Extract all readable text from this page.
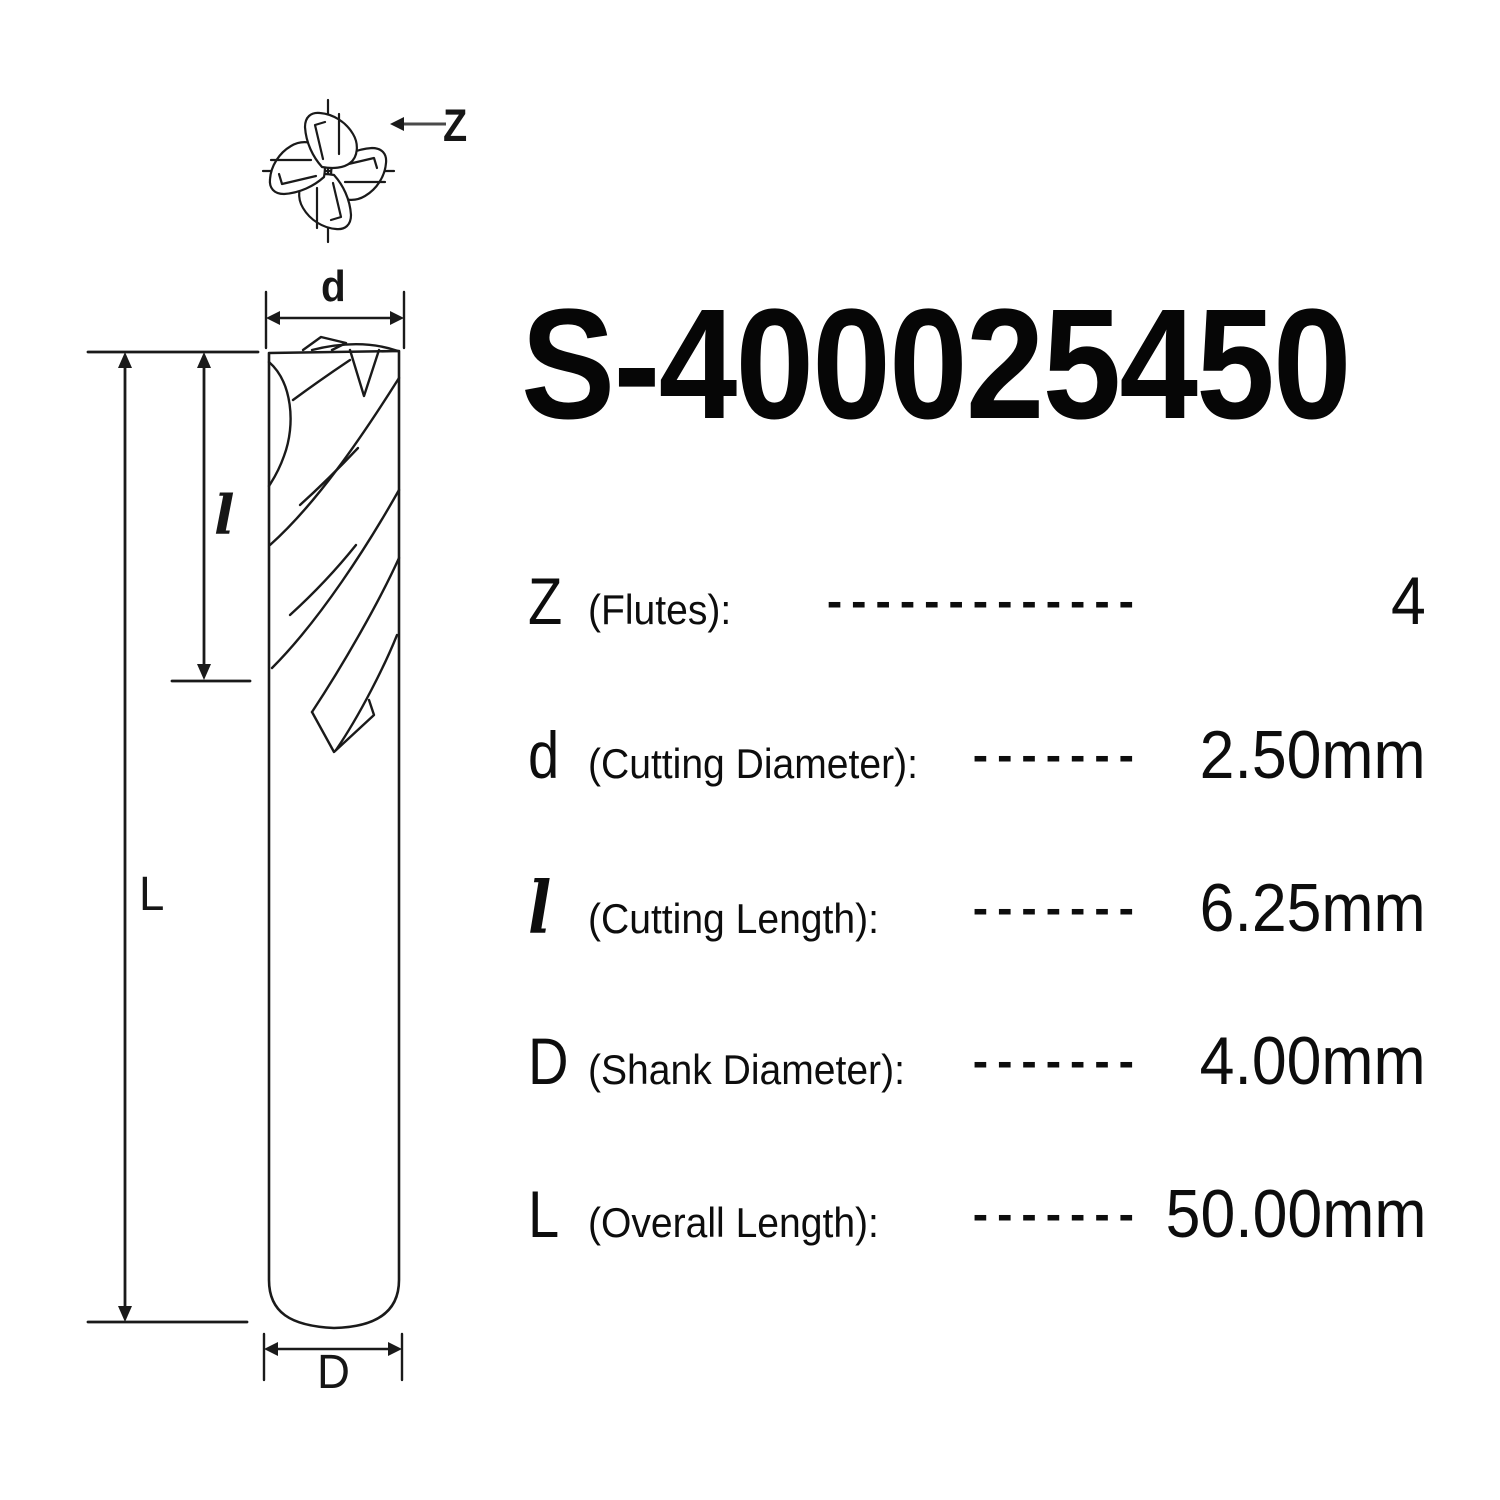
Z
d
l
L
D
S-400025450
Z (Flutes): -------------	4
d (Cutting Diameter): ------- 2.50mm
l (Cutting Length): ------- 6.25mm
D (Shank Diameter): ------- 4.00mm
L (Overall Length): ------- 50.00mm
